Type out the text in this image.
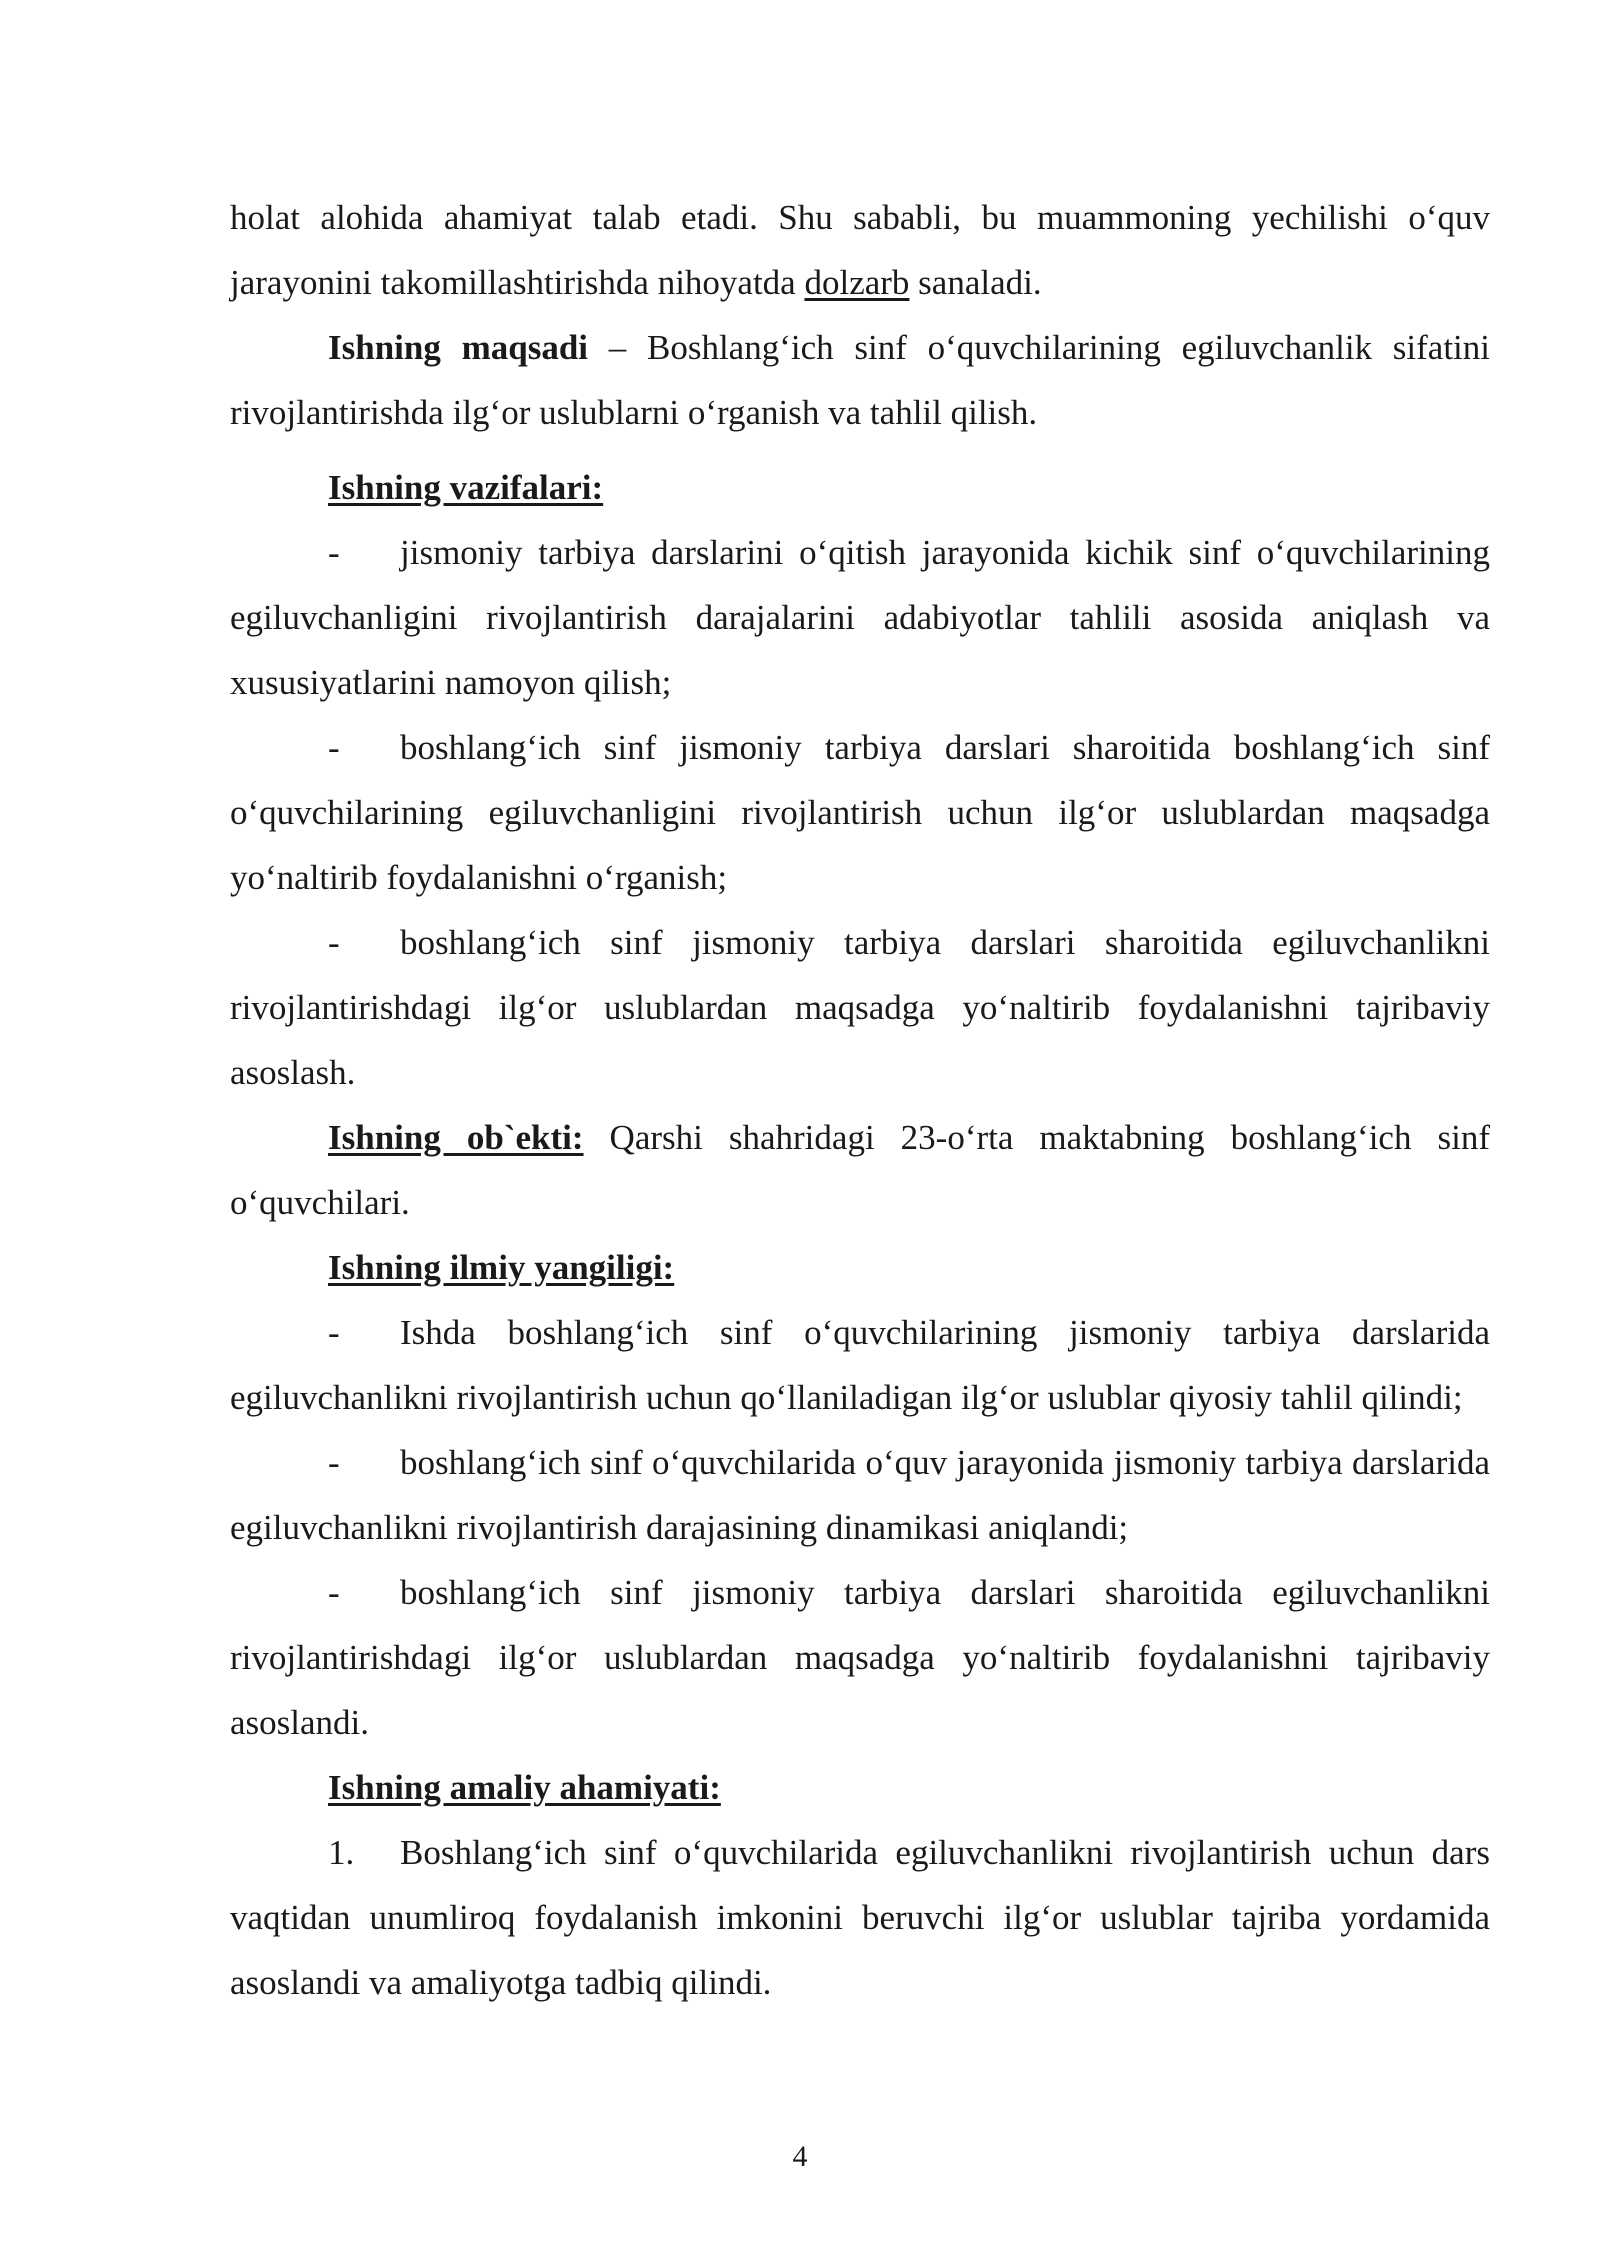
holat alohida ahamiyat talab etadi. Shu sababli, bu muammoning yechilishi o‘quv jarayonini takomillashtirishda nihoyatda dolzarb sanaladi.

Ishning maqsadi – Boshlang‘ich sinf o‘quvchilarining egiluvchanlik sifatini rivojlantirishda ilg‘or uslublarni o‘rganish va tahlil qilish.

Ishning vazifalari:

- jismoniy tarbiya darslarini o‘qitish jarayonida kichik sinf o‘quvchilarining egiluvchanligini rivojlantirish darajalarini adabiyotlar tahlili asosida aniqlash va xususiyatlarini namoyon qilish;

- boshlang‘ich sinf jismoniy tarbiya darslari sharoitida boshlang‘ich sinf o‘quvchilarining egiluvchanligini rivojlantirish uchun ilg‘or uslublardan maqsadga yo‘naltirib foydalanishni o‘rganish;

- boshlang‘ich sinf jismoniy tarbiya darslari sharoitida egiluvchanlikni rivojlantirishdagi ilg‘or uslublardan maqsadga yo‘naltirib foydalanishni tajribaviy asoslash.

Ishning ob`ekti: Qarshi shahridagi 23-o‘rta maktabning boshlang‘ich sinf o‘quvchilari.

Ishning ilmiy yangiligi:

- Ishda boshlang‘ich sinf o‘quvchilarining jismoniy tarbiya darslarida egiluvchanlikni rivojlantirish uchun qo‘llaniladigan ilg‘or uslublar qiyosiy tahlil qilindi;

- boshlang‘ich sinf o‘quvchilarida o‘quv jarayonida jismoniy tarbiya darslarida egiluvchanlikni rivojlantirish darajasining dinamikasi aniqlandi;

- boshlang‘ich sinf jismoniy tarbiya darslari sharoitida egiluvchanlikni rivojlantirishdagi ilg‘or uslublardan maqsadga yo‘naltirib foydalanishni tajribaviy asoslandi.

Ishning amaliy ahamiyati:

1. Boshlang‘ich sinf o‘quvchilarida egiluvchanlikni rivojlantirish uchun dars vaqtidan unumliroq foydalanish imkonini beruvchi ilg‘or uslublar tajriba yordamida asoslandi va amaliyotga tadbiq qilindi.

4
